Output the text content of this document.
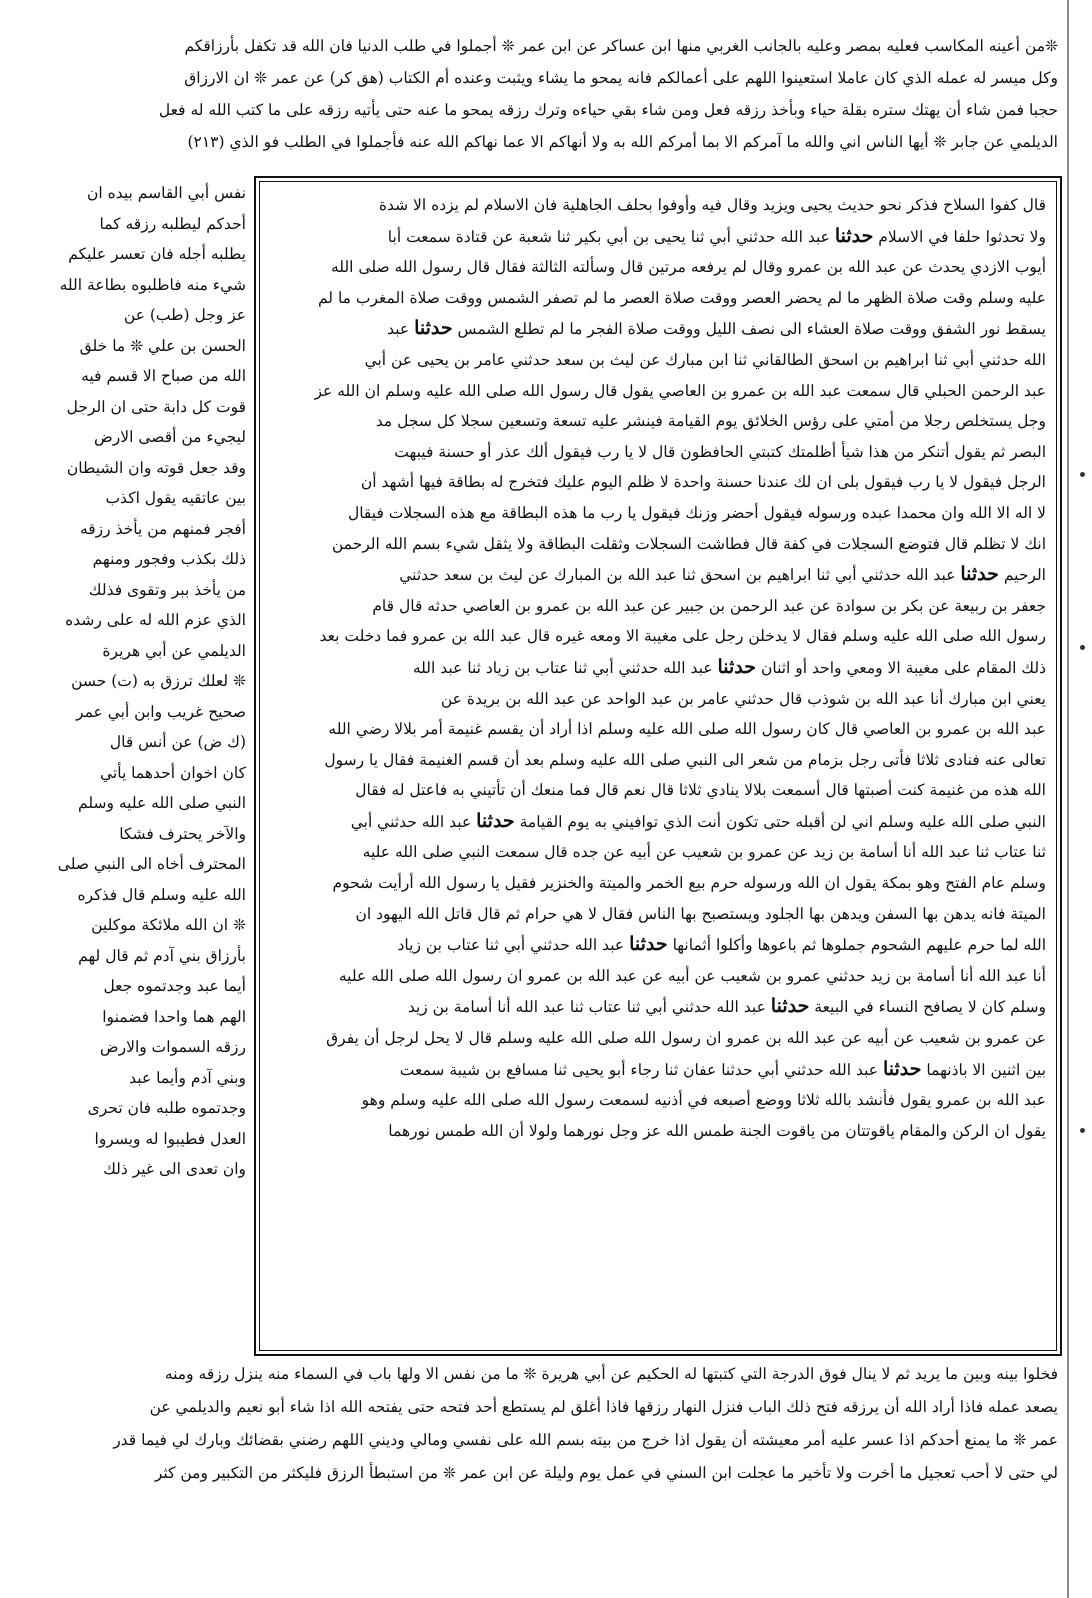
❊من أعينه المكاسب فعليه بمصر وعليه بالجانب الغربي منها ابن عساكر عن ابن عمر ❊ أجملوا في طلب الدنيا فان الله قد تكفل بأرزاقكم
وكل ميسر له عمله الذي كان عاملا استعينوا اللهم على أعمالكم فانه يمحو ما يشاء ويثبت وعنده أم الكتاب (هق كر) عن عمر ❊ ان الارزاق
حجبا فمن شاء أن يهتك ستره بقلة حياء وبأخذ رزقه فعل ومن شاء بقي حياءه وترك رزقه يمحو ما عنه حتى يأتيه رزقه على ما كتب الله له فعل
الديلمي عن جابر ❊ أيها الناس اني والله ما آمركم الا بما أمركم الله به ولا أنهاكم الا عما نهاكم الله عنه فأجملوا في الطلب فو الذي (٢١٣)
قال كفوا السلاح فذكر نحو حديث يحيى ويزيد وقال فيه وأوفوا بحلف الجاهلية فان الاسلام لم يزده الا شدة
ولا تحدثوا حلفا في الاسلام حدثنا عبد الله حدثني أبي ثنا يحيى بن أبي بكير ثنا شعبة عن قتادة سمعت أبا
أيوب الازدي يحدث عن عبد الله بن عمرو وقال لم يرفعه مرتين قال وسألته الثالثة فقال قال رسول الله صلى الله
عليه وسلم وقت صلاة الظهر ما لم يحضر العصر ووقت صلاة العصر ما لم تصفر الشمس ووقت صلاة المغرب ما لم
يسقط نور الشفق ووقت صلاة العشاء الى نصف الليل ووقت صلاة الفجر ما لم تطلع الشمس حدثنا عبد
الله حدثني أبي ثنا ابراهيم بن اسحق الطالقاني ثنا ابن مبارك عن ليث بن سعد حدثني عامر بن يحيى عن أبي
عبد الرحمن الحبلي قال سمعت عبد الله بن عمرو بن العاصي يقول قال رسول الله صلى الله عليه وسلم ان الله عز
وجل يستخلص رجلا من أمتي على رؤس الخلائق يوم القيامة فينشر عليه تسعة وتسعين سجلا كل سجل مد
البصر ثم يقول أتنكر من هذا شيأ أظلمتك كتبتي الحافظون قال لا يا رب فيقول ألك عذر أو حسنة فيبهت
الرجل فيقول لا يا رب فيقول بلى ان لك عندنا حسنة واحدة لا ظلم اليوم عليك فتخرج له بطاقة فيها أشهد أن
لا اله الا الله وان محمدا عبده ورسوله فيقول أحضر وزنك فيقول يا رب ما هذه البطاقة مع هذه السجلات فيقال
انك لا تظلم قال فتوضع السجلات في كفة قال فطاشت السجلات وثقلت البطاقة ولا يثقل شيء بسم الله الرحمن
الرحيم حدثنا عبد الله حدثني أبي ثنا ابراهيم بن اسحق ثنا عبد الله بن المبارك عن ليث بن سعد حدثني
جعفر بن ربيعة عن بكر بن سوادة عن عبد الرحمن بن جبير عن عبد الله بن عمرو بن العاصي حدثه قال قام
رسول الله صلى الله عليه وسلم فقال لا يدخلن رجل على مغيبة الا ومعه غيره قال عبد الله بن عمرو فما دخلت بعد
ذلك المقام على مغيبة الا ومعي واحد أو اثنان حدثنا عبد الله حدثني أبي ثنا عتاب بن زياد ثنا عبد الله
يعني ابن مبارك أنا عبد الله بن شوذب قال حدثني عامر بن عبد الواحد عن عبد الله بن بريدة عن
عبد الله بن عمرو بن العاصي قال كان رسول الله صلى الله عليه وسلم اذا أراد أن يقسم غنيمة أمر بلالا رضي الله
تعالى عنه فنادى ثلاثا فأتى رجل بزمام من شعر الى النبي صلى الله عليه وسلم بعد أن قسم الغنيمة فقال يا رسول
الله هذه من غنيمة كنت أصبتها قال أسمعت بلالا ينادي ثلاثا قال نعم قال فما منعك أن تأتيني به فاعتل له فقال
النبي صلى الله عليه وسلم اني لن أقبله حتى تكون أنت الذي توافيني به يوم القيامة حدثنا عبد الله حدثني أبي
ثنا عتاب ثنا عبد الله أنا أسامة بن زيد عن عمرو بن شعيب عن أبيه عن جده قال سمعت النبي صلى الله عليه
وسلم عام الفتح وهو بمكة يقول ان الله ورسوله حرم بيع الخمر والميتة والخنزير فقيل يا رسول الله أرأيت شحوم
الميتة فانه يدهن بها السفن ويدهن بها الجلود ويستصبح بها الناس فقال لا هي حرام ثم قال قاتل الله اليهود ان
الله لما حرم عليهم الشحوم جملوها ثم باعوها وأكلوا أثمانها حدثنا عبد الله حدثني أبي ثنا عتاب بن زياد
أنا عبد الله أنا أسامة بن زيد حدثني عمرو بن شعيب عن أبيه عن عبد الله بن عمرو ان رسول الله صلى الله عليه
وسلم كان لا يصافح النساء في البيعة حدثنا عبد الله حدثني أبي ثنا عتاب ثنا عبد الله أنا أسامة بن زيد
عن عمرو بن شعيب عن أبيه عن عبد الله بن عمرو ان رسول الله صلى الله عليه وسلم قال لا يحل لرجل أن يفرق
بين اثنين الا باذنهما حدثنا عبد الله حدثني أبي حدثنا عفان ثنا رجاء أبو يحيى ثنا مسافع بن شيبة سمعت
عبد الله بن عمرو يقول فأنشد بالله ثلاثا ووضع أصبعه في أذنيه لسمعت رسول الله صلى الله عليه وسلم وهو
يقول ان الركن والمقام ياقوتتان من ياقوت الجنة طمس الله عز وجل نورهما ولولا أن الله طمس نورهما
نفس أبي القاسم بيده ان
أحدكم ليطلبه رزقه كما
يطلبه أجله فان تعسر عليكم
شيء منه فاطلبوه بطاعة الله
عز وجل (طب) عن
الحسن بن علي ❊ ما خلق
الله من صباح الا قسم فيه
قوت كل دابة حتى ان الرجل
ليجيء من أقصى الارض
وقد جعل قوته وان الشيطان
بين عاتقيه يقول اكذب
أفجر فمنهم من يأخذ رزقه
ذلك بكذب وفجور ومنهم
من يأخذ ببر وتقوى فذلك
الذي عزم الله له على رشده
الديلمي عن أبي هريرة
❊ لعلك ترزق به (ت) حسن
صحيح غريب وابن أبي عمر
(ك ض) عن أنس قال
كان اخوان أحدهما يأتي
النبي صلى الله عليه وسلم
والآخر يحترف فشكا
المحترف أخاه الى النبي صلى
الله عليه وسلم قال فذكره
❊ ان الله ملائكة موكلين
بأرزاق بني آدم ثم قال لهم
أيما عبد وجدتموه جعل
الهم هما واحدا فضمنوا
رزقه السموات والارض
وبني آدم وأيما عبد
وجدتموه طلبه فان تحرى
العدل فطيبوا له ويسروا
وان تعدى الى غير ذلك
فخلوا بينه وبين ما يريد ثم لا ينال فوق الدرجة التي كتبتها له الحكيم عن أبي هريرة ❊ ما من نفس الا ولها باب في السماء منه ينزل رزقه ومنه
يصعد عمله فاذا أراد الله أن يرزقه فتح ذلك الباب فنزل النهار رزقها فاذا أغلق لم يستطع أحد فتحه حتى يفتحه الله اذا شاء أبو نعيم والديلمي عن
عمر ❊ ما يمنع أحدكم اذا عسر عليه أمر معيشته أن يقول اذا خرج من بيته بسم الله على نفسي ومالي وديني اللهم رضني بقضائك وبارك لي فيما قدر
لي حتى لا أحب تعجيل ما أخرت ولا تأخير ما عجلت ابن السني في عمل يوم وليلة عن ابن عمر ❊ من استبطأ الرزق فليكثر من التكبير ومن كثر
